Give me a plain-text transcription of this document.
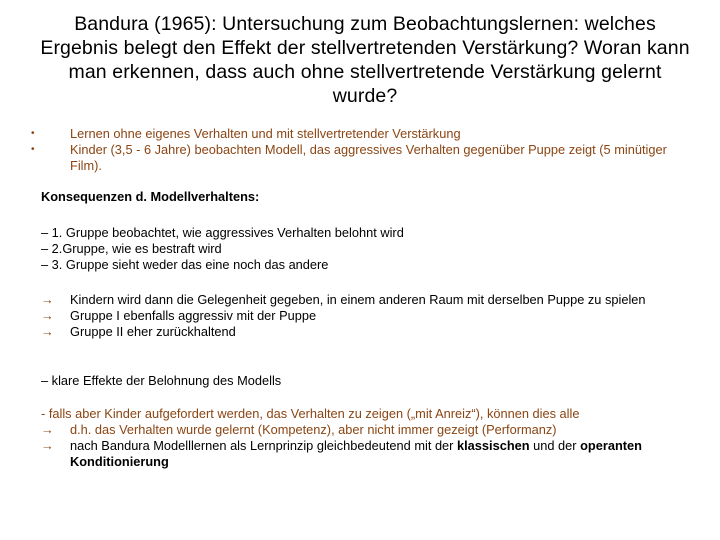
Bandura (1965): Untersuchung zum Beobachtungslernen: welches Ergebnis belegt den Effekt der stellvertretenden Verstärkung? Woran kann man erkennen, dass auch ohne stellvertretende Verstärkung gelernt wurde?
•	Lernen ohne eigenes Verhalten und mit stellvertretender Verstärkung
•	Kinder (3,5 - 6 Jahre) beobachten Modell, das aggressives Verhalten gegenüber Puppe zeigt (5 minütiger Film).
Konsequenzen d. Modellverhaltens:
– 1. Gruppe beobachtet, wie aggressives Verhalten belohnt wird
– 2.Gruppe, wie es bestraft wird
– 3. Gruppe sieht weder das eine noch das andere
→	Kindern wird dann die Gelegenheit gegeben, in einem anderen Raum mit derselben Puppe zu spielen
→	Gruppe I ebenfalls aggressiv mit der Puppe
→	Gruppe II eher zurückhaltend
– klare Effekte der Belohnung des Modells
- falls aber Kinder aufgefordert werden, das Verhalten zu zeigen („mit Anreiz“), können dies alle
→	d.h. das Verhalten wurde gelernt (Kompetenz), aber nicht immer gezeigt (Performanz)
→	nach Bandura Modelllernen als Lernprinzip gleichbedeutend mit der klassischen und der operanten Konditionierung
